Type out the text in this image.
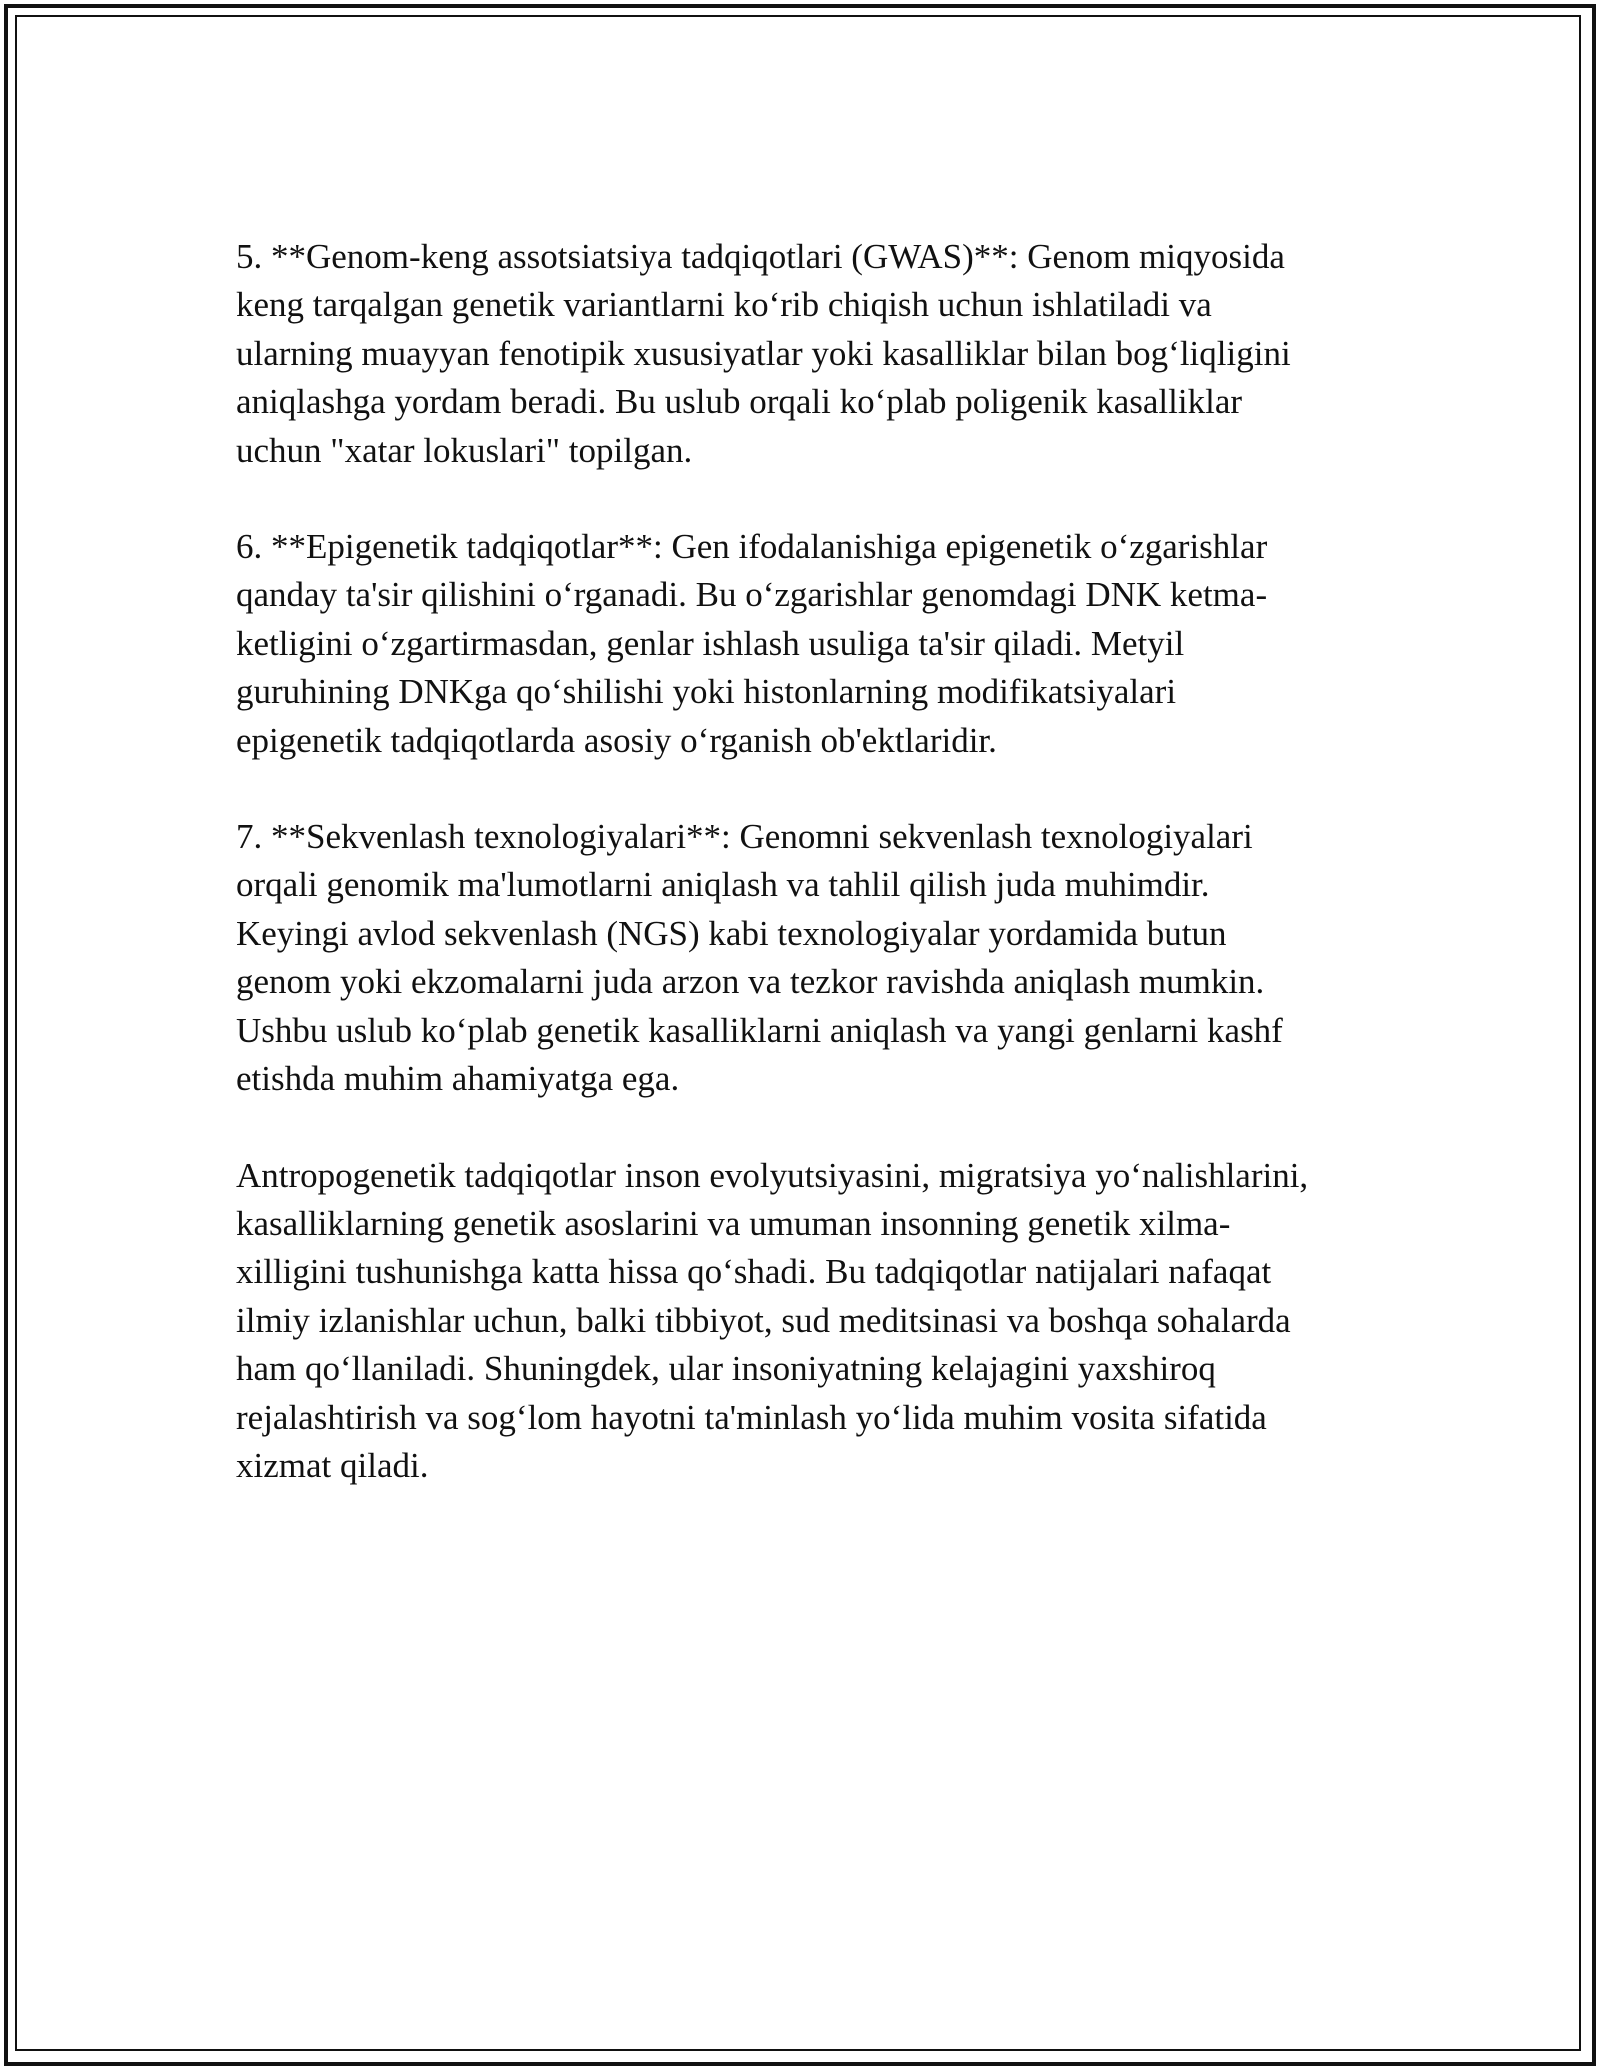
5. **Genom-keng assotsiatsiya tadqiqotlari (GWAS)**: Genom miqyosida
keng tarqalgan genetik variantlarni koʻrib chiqish uchun ishlatiladi va
ularning muayyan fenotipik xususiyatlar yoki kasalliklar bilan bogʻliqligini
aniqlashga yordam beradi. Bu uslub orqali koʻplab poligenik kasalliklar
uchun "xatar lokuslari" topilgan.

6. **Epigenetik tadqiqotlar**: Gen ifodalanishiga epigenetik oʻzgarishlar
qanday ta'sir qilishini oʻrganadi. Bu oʻzgarishlar genomdagi DNK ketma-
ketligini oʻzgartirmasdan, genlar ishlash usuliga ta'sir qiladi. Metyil
guruhining DNKga qoʻshilishi yoki histonlarning modifikatsiyalari
epigenetik tadqiqotlarda asosiy oʻrganish ob'ektlaridir.

7. **Sekvenlash texnologiyalari**: Genomni sekvenlash texnologiyalari
orqali genomik ma'lumotlarni aniqlash va tahlil qilish juda muhimdir.
Keyingi avlod sekvenlash (NGS) kabi texnologiyalar yordamida butun
genom yoki ekzomalarni juda arzon va tezkor ravishda aniqlash mumkin.
Ushbu uslub koʻplab genetik kasalliklarni aniqlash va yangi genlarni kashf
etishda muhim ahamiyatga ega.

Antropogenetik tadqiqotlar inson evolyutsiyasini, migratsiya yoʻnalishlarini,
kasalliklarning genetik asoslarini va umuman insonning genetik xilma-
xilligini tushunishga katta hissa qoʻshadi. Bu tadqiqotlar natijalari nafaqat
ilmiy izlanishlar uchun, balki tibbiyot, sud meditsinasi va boshqa sohalarda
ham qoʻllaniladi. Shuningdek, ular insoniyatning kelajagini yaxshiroq
rejalashtirish va sogʻlom hayotni ta'minlash yoʻlida muhim vosita sifatida
xizmat qiladi.
